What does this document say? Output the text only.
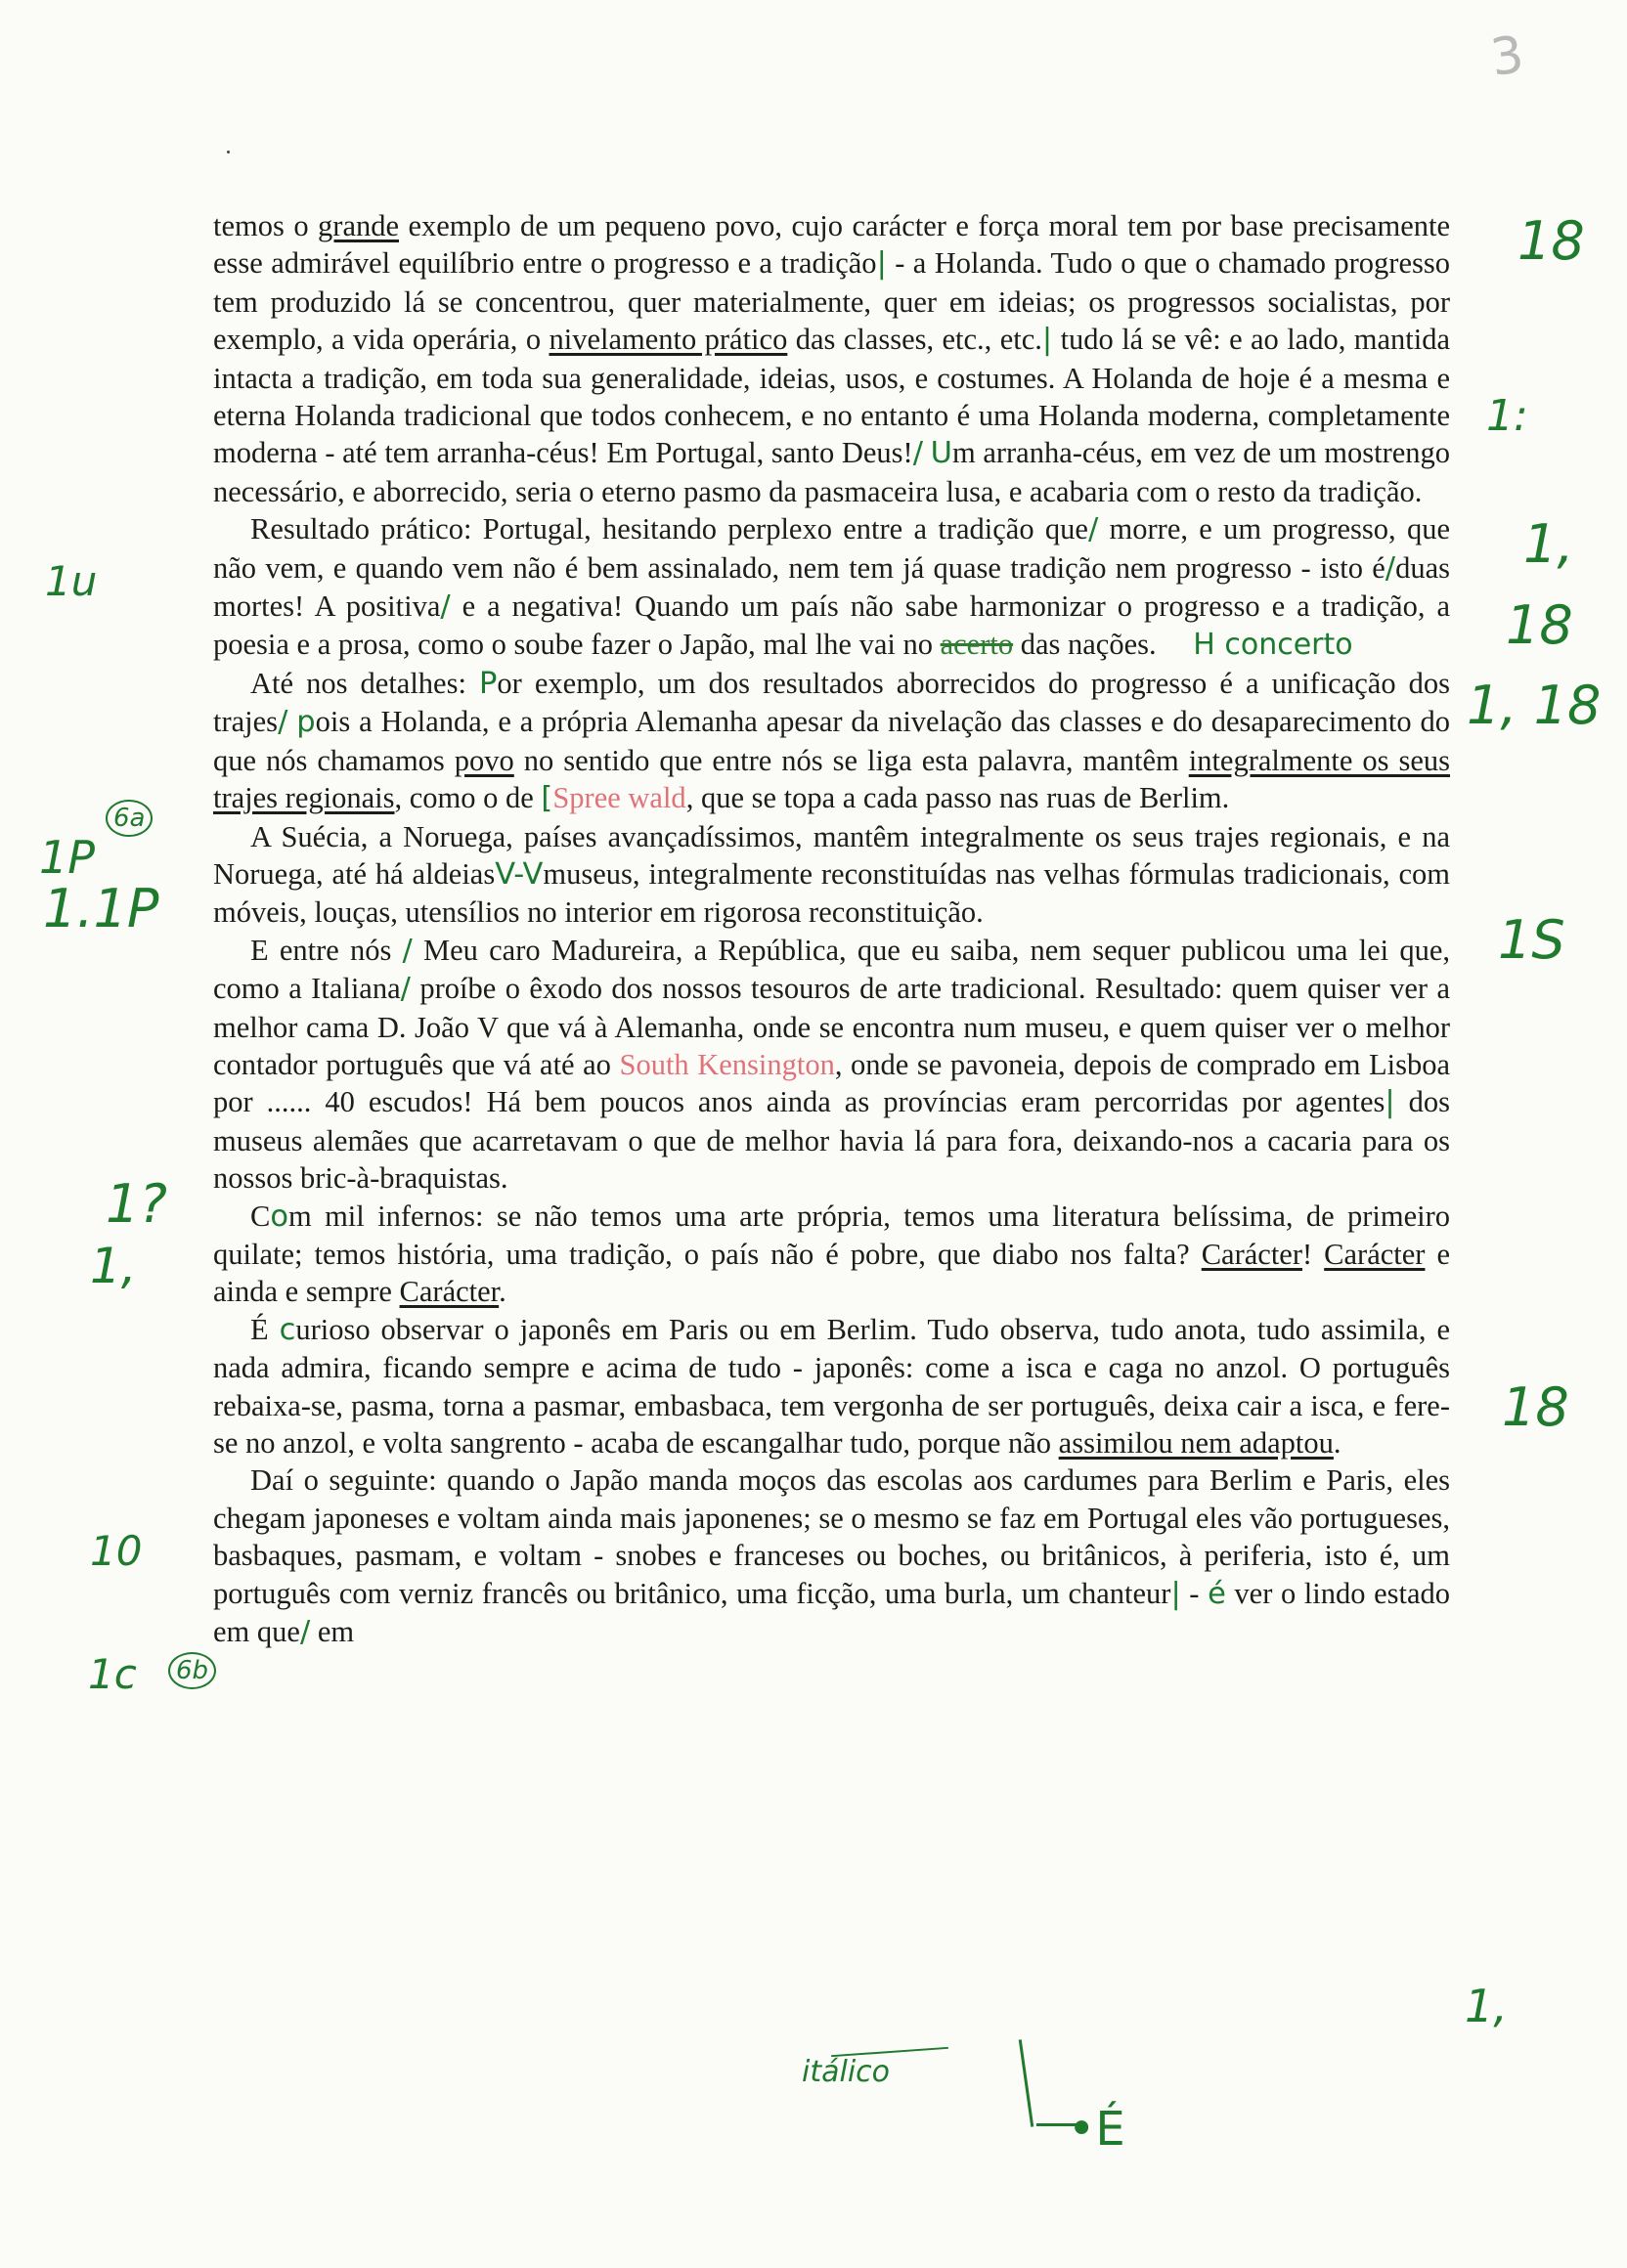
3

temos o grande exemplo de um pequeno povo, cujo carácter e força moral tem por base precisamente esse admirável equilíbrio entre o progresso e a tradição| - a Holanda. Tudo o que o chamado progresso tem produzido lá se concentrou, quer materialmente, quer em ideias; os progressos socialistas, por exemplo, a vida operária, o nivelamento prático das classes, etc., etc.| tudo lá se vê: e ao lado, mantida intacta a tradição, em toda sua generalidade, ideias, usos, e costumes. A Holanda de hoje é a mesma e eterna Holanda tradicional que todos conhecem, e no entanto é uma Holanda moderna, completamente moderna - até tem arranha-céus! Em Portugal, santo Deus!/ Um arranha-céus, em vez de um mostrengo necessário, e aborrecido, seria o eterno pasmo da pasmaceira lusa, e acabaria com o resto da tradição.

Resultado prático: Portugal, hesitando perplexo entre a tradição que/ morre, e um progresso, que não vem, e quando vem não é bem assinalado, nem tem já quase tradição nem progresso - isto é/duas mortes! A positiva/ e a negativa! Quando um país não sabe harmonizar o progresso e a tradição, a poesia e a prosa, como o soube fazer o Japão, mal lhe vai no acerto das nações. H concerto

Até nos detalhes: Por exemplo, um dos resultados aborrecidos do progresso é a unificação dos trajes/ pois a Holanda, e a própria Alemanha apesar da nivelação das classes e do desaparecimento do que nós chamamos povo no sentido que entre nós se liga esta palavra, mantêm integralmente os seus trajes regionais, como o de [Spree wald, que se topa a cada passo nas ruas de Berlim.

A Suécia, a Noruega, países avançadíssimos, mantêm integralmente os seus trajes regionais, e na Noruega, até há aldeiasV-Vmuseus, integralmente reconstituídas nas velhas fórmulas tradicionais, com móveis, louças, utensílios no interior em rigorosa reconstituição.

E entre nós / Meu caro Madureira, a República, que eu saiba, nem sequer publicou uma lei que, como a Italiana/ proíbe o êxodo dos nossos tesouros de arte tradicional. Resultado: quem quiser ver a melhor cama D. João V que vá à Alemanha, onde se encontra num museu, e quem quiser ver o melhor contador português que vá até ao South Kensington, onde se pavoneia, depois de comprado em Lisboa por ...... 40 escudos! Há bem poucos anos ainda as províncias eram percorridas por agentes| dos museus alemães que acarretavam o que de melhor havia lá para fora, deixando-nos a cacaria para os nossos bric-à-braquistas.

Com mil infernos: se não temos uma arte própria, temos uma literatura belíssima, de primeiro quilate; temos história, uma tradição, o país não é pobre, que diabo nos falta? Carácter! Carácter e ainda e sempre Carácter.

É curioso observar o japonês em Paris ou em Berlim. Tudo observa, tudo anota, tudo assimila, e nada admira, ficando sempre e acima de tudo - japonês: come a isca e caga no anzol. O português rebaixa-se, pasma, torna a pasmar, embasbaca, tem vergonha de ser português, deixa cair a isca, e fere-se no anzol, e volta sangrento - acaba de escangalhar tudo, porque não assimilou nem adaptou.

Daí o seguinte: quando o Japão manda moços das escolas aos cardumes para Berlim e Paris, eles chegam japoneses e voltam ainda mais japonenes; se o mesmo se faz em Portugal eles vão portugueses, basbaques, pasmam, e voltam - snobes e franceses ou boches, ou britânicos, à periferia, isto é, um português com verniz francês ou britânico, uma ficção, uma burla, um chanteur| - é ver o lindo estado em que/ em

1u
1P
6a
1.1P
1?
1,
10
1c	6b
18
1:
1,
18
1, 18
1S
18
1,
itálico
•É
